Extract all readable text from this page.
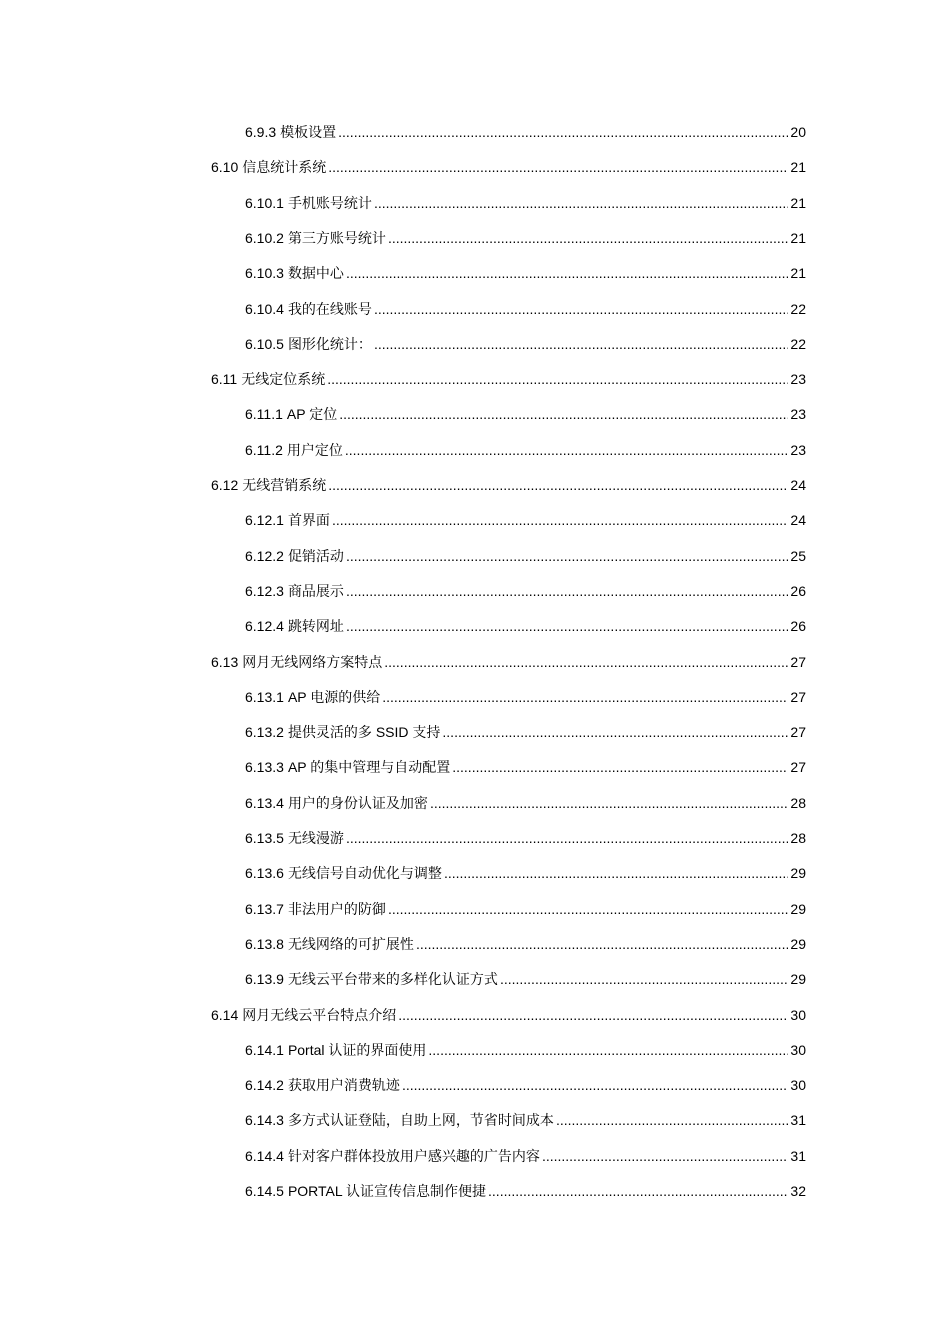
6.9.3 模板设置 .....	20
6.10 信息统计系统 .....	21
6.10.1 手机账号统计 .....	21
6.10.2 第三方账号统计 .....	21
6.10.3 数据中心 .....	21
6.10.4 我的在线账号 .....	22
6.10.5 图形化统计： .....	22
6.11 无线定位系统 .....	23
6.11.1 AP 定位 .....	23
6.11.2 用户定位 .....	23
6.12 无线营销系统 .....	24
6.12.1 首界面 .....	24
6.12.2 促销活动 .....	25
6.12.3 商品展示 .....	26
6.12.4 跳转网址 .....	26
6.13 网月无线网络方案特点 .....	27
6.13.1 AP 电源的供给 .....	27
6.13.2 提供灵活的多 SSID 支持 .....	27
6.13.3 AP 的集中管理与自动配置 .....	27
6.13.4 用户的身份认证及加密 .....	28
6.13.5 无线漫游 .....	28
6.13.6 无线信号自动优化与调整 .....	29
6.13.7 非法用户的防御 .....	29
6.13.8 无线网络的可扩展性 .....	29
6.13.9 无线云平台带来的多样化认证方式 .....	29
6.14 网月无线云平台特点介绍 .....	30
6.14.1 Portal 认证的界面使用 .....	30
6.14.2 获取用户消费轨迹 .....	30
6.14.3 多方式认证登陆，自助上网，节省时间成本 .....	31
6.14.4 针对客户群体投放用户感兴趣的广告内容 .....	31
6.14.5 PORTAL 认证宣传信息制作便捷 .....	32
